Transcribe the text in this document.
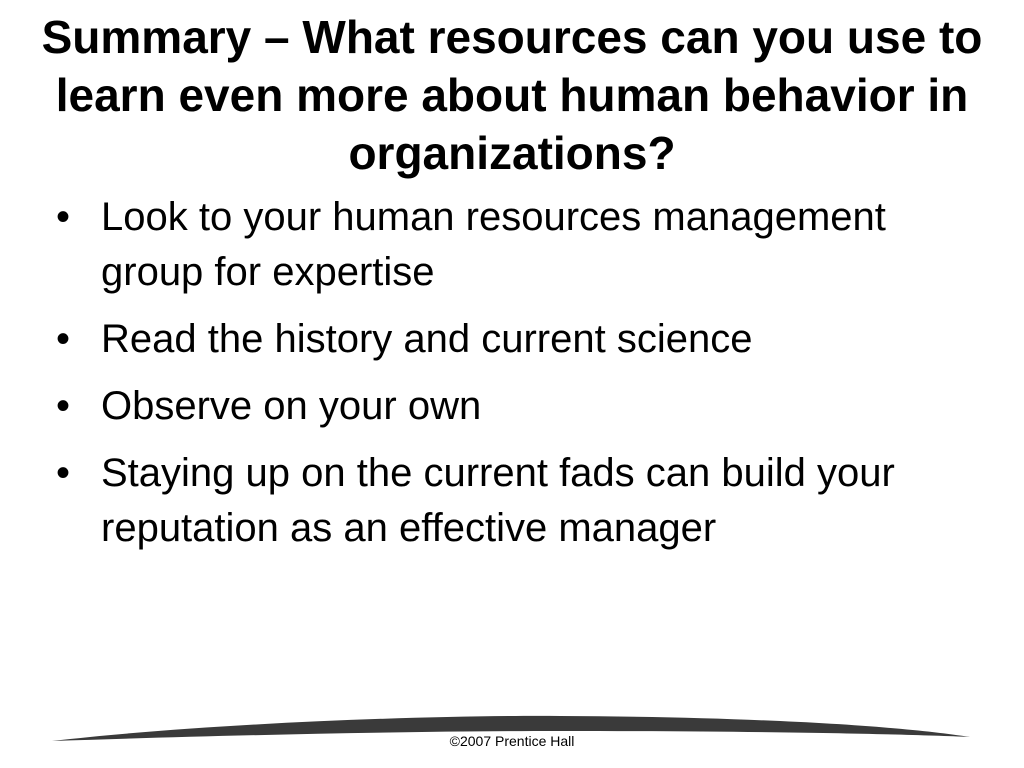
Summary – What resources can you use to learn even more about human behavior in organizations?
• Look to your human resources management group for expertise
• Read the history and current science
• Observe on your own
• Staying up on the current fads can build your reputation as an effective manager
©2007 Prentice Hall
